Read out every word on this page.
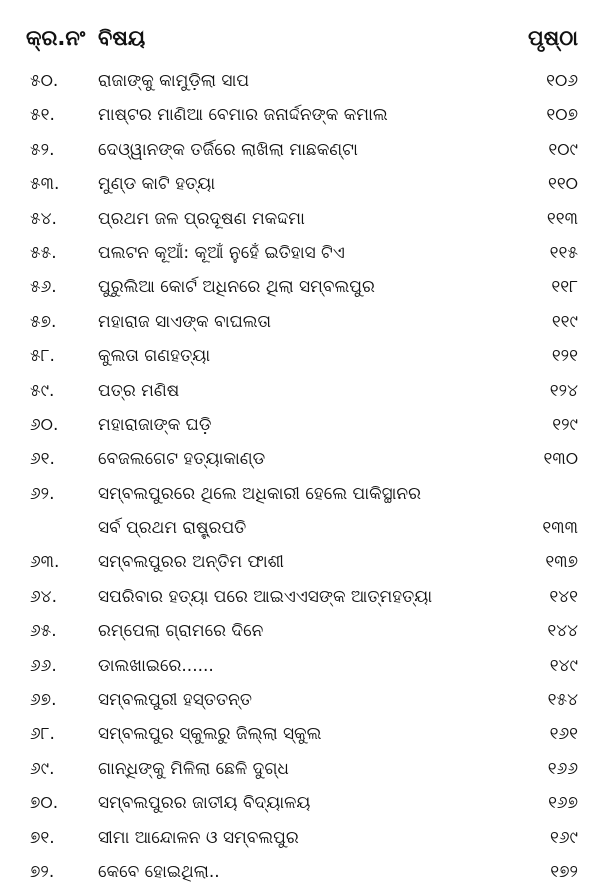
କ୍ର.ନଂ ବିଷୟ	ପୃଷ୍ଠା
୫୦. ରାଜାଙ୍କୁ କାମୁଡ଼ିଲା ସାପ	୧୦୬
୫୧.	ମାଷ୍ଟର ମାଣିଆ ବେମାର ଜନାର୍ଦ୍ଦନଙ୍କ କମାଲ	୧୦୭
୫୨.	ଦେଓ୍ୱାନଙ୍କ ତର୍ଜିରେ ଲାଖିଲା ମାଛକଣ୍ଟା	୧୦୯
୫୩. ମୁଣ୍ଡ କାଟି ହତ୍ୟା	୧୧୦
୫୪. ପ୍ରଥମ ଜଳ ପ୍ରଦୂଷଣ ମକଦ୍ଦମା	୧୧୩
୫୫. ପଲଟନ କୂଆଁ: କୂଆଁ ନୁହେଁ ଇତିହାସ ଟିଏ	୧୧୫
୫୬. ପୁରୁଲିଆ କୋର୍ଟ ଅଧିନରେ ଥିଲା ସମ୍ବଲପୁର	୧୧୮
୫୭. ମହାରାଜ ସାଏଙ୍କ ବାଘଲତା	୧୧୯
୫୮.	କୁଲତା ଗଣହତ୍ୟା	୧୨୧
୫୯.	ପତ୍ର ମଣିଷ	୧୨୪
୬୦. ମହାରାଜାଙ୍କ ଘଡ଼ି	୧୨୯
୬୧.	ବେଜଲଗେଟ ହତ୍ୟାକାଣ୍ଡ	୧୩୦
୬୨.	ସମ୍ବଲପୁରରେ ଥିଲେ ଅଧିକାରୀ ହେଲେ ପାକିସ୍ଥାନର
ସର୍ବ ପ୍ରଥମ ରାଷ୍ଟ୍ରପତି	୧୩୩
୬୩. ସମ୍ବଲପୁରର ଅନ୍ତିମ ଫାଶୀ	୧୩୭
୬୪. ସପରିବାର ହତ୍ୟା ପରେ ଆଇଏଏସଙ୍କ ଆତ୍ମହତ୍ୟା	୧୪୧
୬୫. ରମ୍ପେଲା ଗ୍ରାମରେ ଦିନେ	୧୪୪
୬୬. ଡାଲଖାଇରେ......	୧୪୯
୬୭. ସମ୍ବଲପୁରୀ ହସ୍ତତନ୍ତ	୧୫୪
୬୮.	ସମ୍ବଲପୁର ସ୍କୁଲରୁ ଜିଲ୍ଲା ସ୍କୁଲ	୧୬୧
୬୯.	ଗାନ୍ଧିଙ୍କୁ ମିଳିଲା ଛେଳି ଦୁଗ୍ଧ	୧୬୬
୭୦. ସମ୍ବଲପୁରର ଜାତୀୟ ବିଦ୍ୟାଳୟ	୧୬୭
୭୧.	ସୀମା ଆନ୍ଦୋଳନ ଓ ସମ୍ବଲପୁର	୧୬୯
୭୨.	କେବେ ହୋଇଥିଲା..	୧୭୨
